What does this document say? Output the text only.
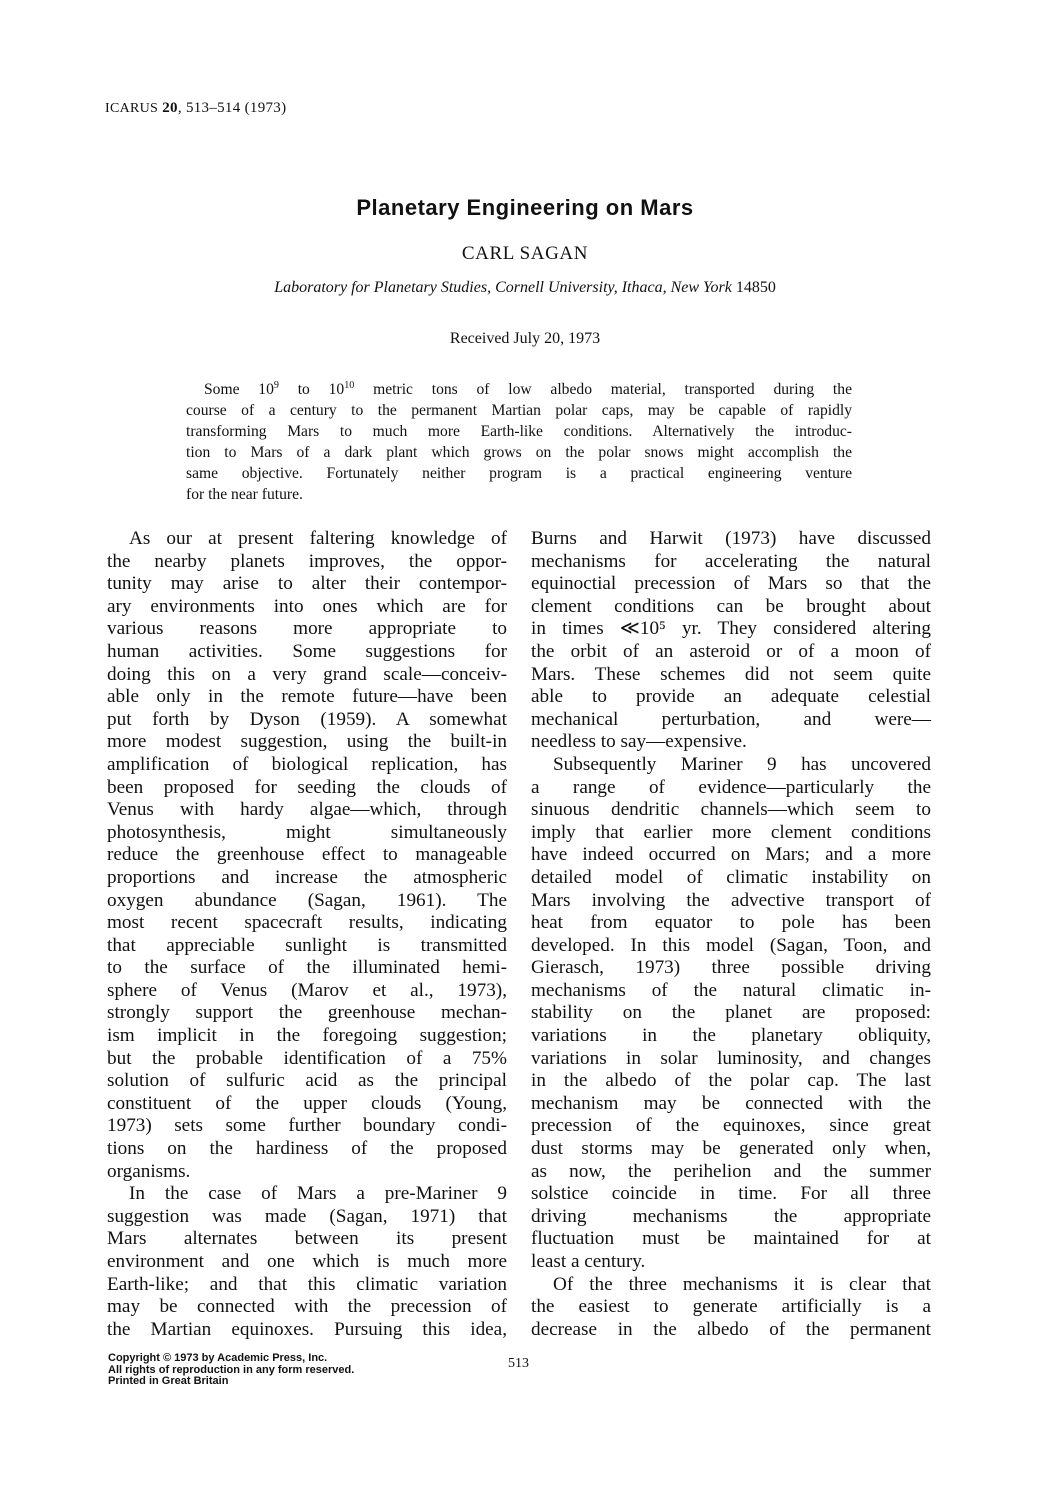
ICARUS 20, 513–514 (1973)
Planetary Engineering on Mars
CARL SAGAN
Laboratory for Planetary Studies, Cornell University, Ithaca, New York 14850
Received July 20, 1973
Some $10^9$ to $10^{10}$ metric tons of low albedo material, transported during the
course of a century to the permanent Martian polar caps, may be capable of rapidly
transforming Mars to much more Earth-like conditions. Alternatively the introduc-
tion to Mars of a dark plant which grows on the polar snows might accomplish the
same objective. Fortunately neither program is a practical engineering venture
for the near future.
As our at present faltering knowledge of
the nearby planets improves, the oppor-
tunity may arise to alter their contempor-
ary environments into ones which are for
various reasons more appropriate to
human activities. Some suggestions for
doing this on a very grand scale—conceiv-
able only in the remote future—have been
put forth by Dyson (1959). A somewhat
more modest suggestion, using the built-in
amplification of biological replication, has
been proposed for seeding the clouds of
Venus with hardy algae—which, through
photosynthesis, might simultaneously
reduce the greenhouse effect to manageable
proportions and increase the atmospheric
oxygen abundance (Sagan, 1961). The
most recent spacecraft results, indicating
that appreciable sunlight is transmitted
to the surface of the illuminated hemi-
sphere of Venus (Marov et al., 1973),
strongly support the greenhouse mechan-
ism implicit in the foregoing suggestion;
but the probable identification of a 75%
solution of sulfuric acid as the principal
constituent of the upper clouds (Young,
1973) sets some further boundary condi-
tions on the hardiness of the proposed
organisms.
In the case of Mars a pre-Mariner 9
suggestion was made (Sagan, 1971) that
Mars alternates between its present
environment and one which is much more
Earth-like; and that this climatic variation
may be connected with the precession of
the Martian equinoxes. Pursuing this idea,
Burns and Harwit (1973) have discussed
mechanisms for accelerating the natural
equinoctial precession of Mars so that the
clement conditions can be brought about
in times ≪10⁵ yr. They considered altering
the orbit of an asteroid or of a moon of
Mars. These schemes did not seem quite
able to provide an adequate celestial
mechanical perturbation, and were—
needless to say—expensive.
Subsequently Mariner 9 has uncovered
a range of evidence—particularly the
sinuous dendritic channels—which seem to
imply that earlier more clement conditions
have indeed occurred on Mars; and a more
detailed model of climatic instability on
Mars involving the advective transport of
heat from equator to pole has been
developed. In this model (Sagan, Toon, and
Gierasch, 1973) three possible driving
mechanisms of the natural climatic in-
stability on the planet are proposed:
variations in the planetary obliquity,
variations in solar luminosity, and changes
in the albedo of the polar cap. The last
mechanism may be connected with the
precession of the equinoxes, since great
dust storms may be generated only when,
as now, the perihelion and the summer
solstice coincide in time. For all three
driving mechanisms the appropriate
fluctuation must be maintained for at
least a century.
Of the three mechanisms it is clear that
the easiest to generate artificially is a
decrease in the albedo of the permanent
Copyright © 1973 by Academic Press, Inc.
All rights of reproduction in any form reserved.
Printed in Great Britain
513
